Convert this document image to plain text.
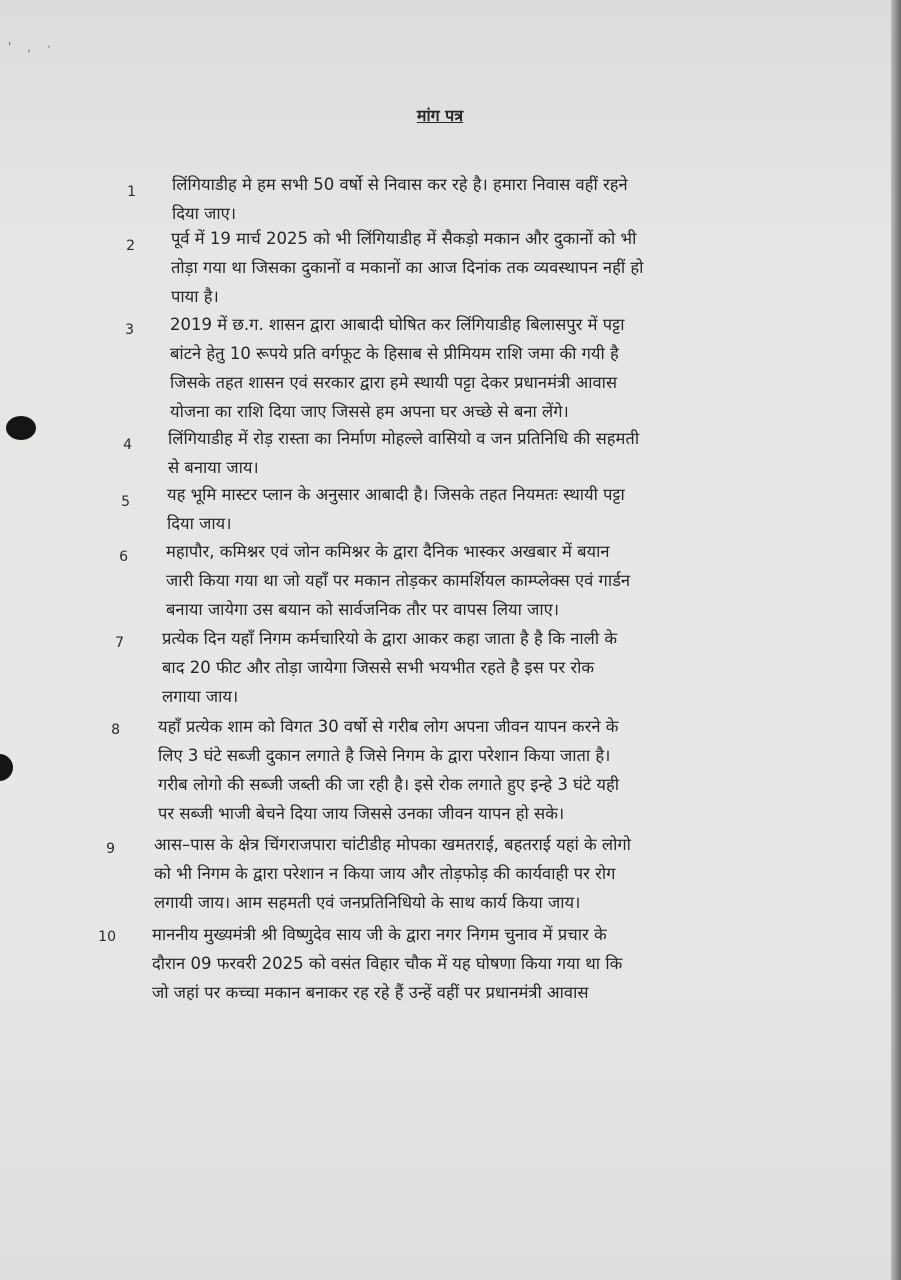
' , ·
मांग पत्र
1 लिंगियाडीह मे हम सभी 50 वर्षो से निवास कर रहे है। हमारा निवास वहीं रहने
दिया जाए।
2 पूर्व में 19 मार्च 2025 को भी लिंगियाडीह में सैकड़ो मकान और दुकानों को भी
तोड़ा गया था जिसका दुकानों व मकानों का आज दिनांक तक व्यवस्थापन नहीं हो
पाया है।
3 2019 में छ.ग. शासन द्वारा आबादी घोषित कर लिंगियाडीह बिलासपुर में पट्टा
बांटने हेतु 10 रूपये प्रति वर्गफूट के हिसाब से प्रीमियम राशि जमा की गयी है
जिसके तहत शासन एवं सरकार द्वारा हमे स्थायी पट्टा देकर प्रधानमंत्री आवास
योजना का राशि दिया जाए जिससे हम अपना घर अच्छे से बना लेंगे।
4 लिंगियाडीह में रोड़ रास्ता का निर्माण मोहल्ले वासियो व जन प्रतिनिधि की सहमती
से बनाया जाय।
5 यह भूमि मास्टर प्लान के अनुसार आबादी है। जिसके तहत नियमतः स्थायी पट्टा
दिया जाय।
6 महापौर, कमिश्नर एवं जोन कमिश्नर के द्वारा दैनिक भास्कर अखबार में बयान
जारी किया गया था जो यहाँ पर मकान तोड़कर कामर्शियल काम्प्लेक्स एवं गार्डन
बनाया जायेगा उस बयान को सार्वजनिक तौर पर वापस लिया जाए।
7 प्रत्येक दिन यहाँ निगम कर्मचारियो के द्वारा आकर कहा जाता है है कि नाली के
बाद 20 फीट और तोड़ा जायेगा जिससे सभी भयभीत रहते है इस पर रोक
लगाया जाय।
8 यहाँ प्रत्येक शाम को विगत 30 वर्षो से गरीब लोग अपना जीवन यापन करने के
लिए 3 घंटे सब्जी दुकान लगाते है जिसे निगम के द्वारा परेशान किया जाता है।
गरीब लोगो की सब्जी जब्ती की जा रही है। इसे रोक लगाते हुए इन्हे 3 घंटे यही
पर सब्जी भाजी बेचने दिया जाय जिससे उनका जीवन यापन हो सके।
9 आस–पास के क्षेत्र चिंगराजपारा चांटीडीह मोपका खमतराई, बहतराई यहां के लोगो
को भी निगम के द्वारा परेशान न किया जाय और तोड़फोड़ की कार्यवाही पर रोग
लगायी जाय। आम सहमती एवं जनप्रतिनिधियो के साथ कार्य किया जाय।
10 माननीय मुख्यमंत्री श्री विष्णुदेव साय जी के द्वारा नगर निगम चुनाव में प्रचार के
दौरान 09 फरवरी 2025 को वसंत विहार चौक में यह घोषणा किया गया था कि
जो जहां पर कच्चा मकान बनाकर रह रहे हैं उन्हें वहीं पर प्रधानमंत्री आवास
